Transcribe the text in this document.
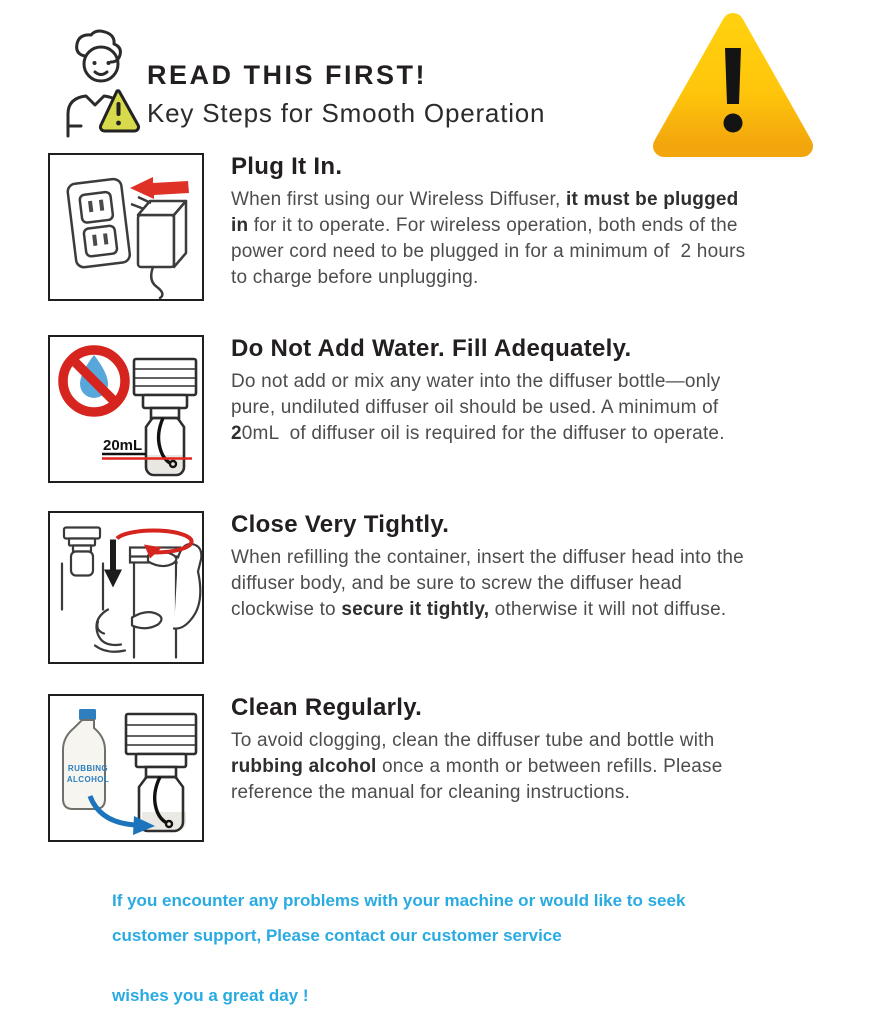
READ THIS FIRST!
Key Steps for Smooth Operation
Plug It In.

When first using our Wireless Diffuser, it must be plugged in for it to operate. For wireless operation, both ends of the power cord need to be plugged in for a minimum of  2 hours to charge before unplugging.

20mL
Do Not Add Water. Fill Adequately.

Do not add or mix any water into the diffuser bottle—only pure, undiluted diffuser oil should be used. A minimum of 20mL  of diffuser oil is required for the diffuser to operate.

Close Very Tightly.

When refilling the container, insert the diffuser head into the diffuser body, and be sure to screw the diffuser head clockwise to secure it tightly, otherwise it will not diffuse.

RUBBING
ALCOHOL
Clean Regularly.

To avoid clogging, clean the diffuser tube and bottle with rubbing alcohol once a month or between refills. Please reference the manual for cleaning instructions.

If you encounter any problems with your machine or would like to seek

customer support, Please contact our customer service

wishes you a great day !
